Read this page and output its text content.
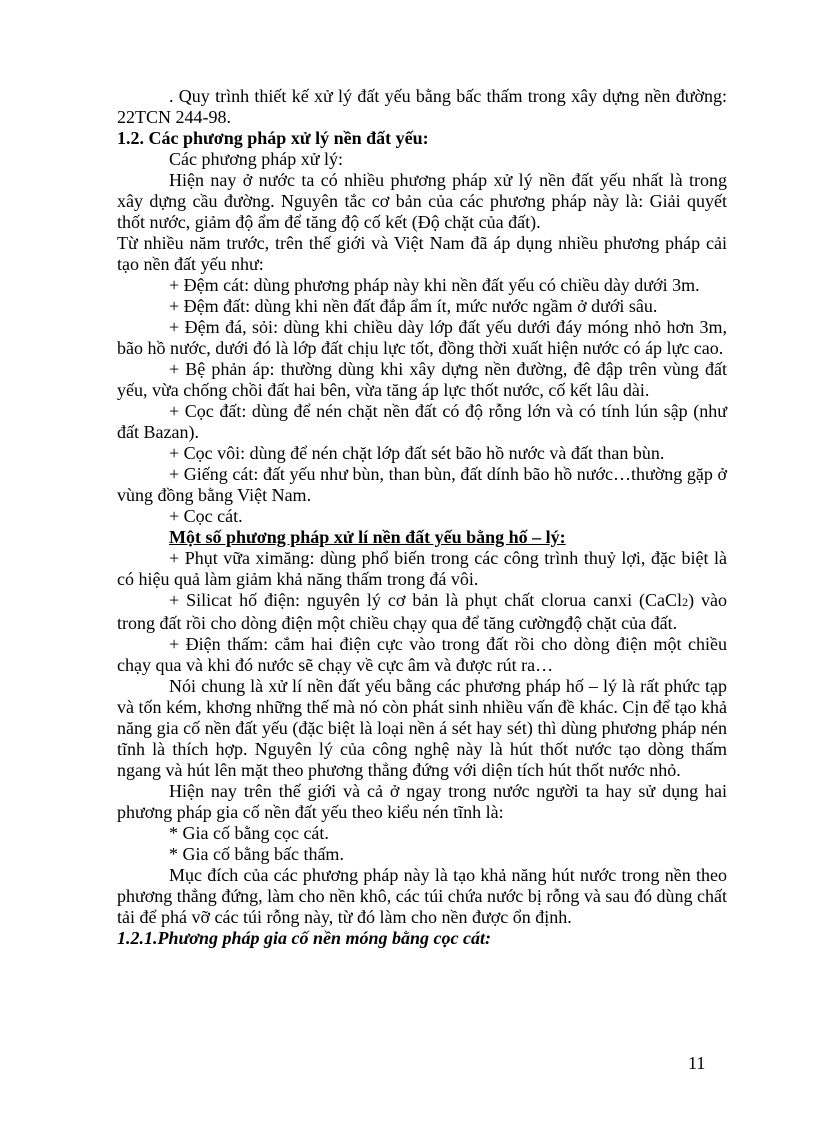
. Quy trình thiết kế xử lý đất yếu bằng bấc thấm trong xây dựng nền đường: 22TCN 244-98.

1.2. Các phương pháp xử lý nền đất yếu:

Các phương pháp xử lý:

Hiện nay ở nước ta có nhiều phương pháp xử lý nền đất yếu nhất là trong xây dựng cầu đường. Nguyên tắc cơ bản của các phương pháp này là: Giải quyết thốt nước, giảm độ ẩm để tăng độ cố kết (Độ chặt của đất).

Từ nhiều năm trước, trên thế giới và Việt Nam đã áp dụng nhiều phương pháp cải tạo nền đất yếu như:

+ Đệm cát: dùng phương pháp này khi nền đất yếu có chiều dày dưới 3m.

+ Đệm đất: dùng khi nền đất đắp ẩm ít, mức nước ngầm ở dưới sâu.

+ Đệm đá, sỏi: dùng khi chiều dày lớp đất yếu dưới đáy móng nhỏ hơn 3m, bão hồ nước, dưới đó là lớp đất chịu lực tốt, đồng thời xuất hiện nước có áp lực cao.

+ Bệ phản áp: thường dùng khi xây dựng nền đường, đê đập trên vùng đất yếu, vừa chống chồi đất hai bên, vừa tăng áp lực thốt nước, cố kết lâu dài.

+ Cọc đất: dùng để nén chặt nền đất có độ rỗng lớn và có tính lún sập (như đất Bazan).

+ Cọc vôi: dùng để nén chặt lớp đất sét bão hồ nước và đất than bùn.

+ Giếng cát: đất yếu như bùn, than bùn, đất dính bão hồ nước…thường gặp ở vùng đồng bằng Việt Nam.

+ Cọc cát.

Một số phương pháp xử lí nền đất yếu bằng hố – lý:

+ Phụt vữa ximăng: dùng phổ biến trong các công trình thuỷ lợi, đặc biệt là có hiệu quả làm giảm khả năng thấm trong đá vôi.

+ Silicat hố điện: nguyên lý cơ bản là phụt chất clorua canxi (CaCl2) vào trong đất rồi cho dòng điện một chiều chạy qua để tăng cườngđộ chặt của đất.

+ Điện thấm: cắm hai điện cực vào trong đất rồi cho dòng điện một chiều chạy qua và khi đó nước sẽ chạy về cực âm và được rút ra…

Nói chung là xử lí nền đất yếu bằng các phương pháp hố – lý là rất phức tạp và tốn kém, khơng những thế mà nó còn phát sinh nhiều vấn đề khác. Cịn để tạo khả năng gia cố nền đất yếu (đặc biệt là loại nền á sét hay sét) thì dùng phương pháp nén tĩnh là thích hợp. Nguyên lý của công nghệ này là hút thốt nước tạo dòng thấm ngang và hút lên mặt theo phương thẳng đứng với diện tích hút thốt nước nhỏ.

Hiện nay trên thế giới và cả ở ngay trong nước người ta hay sử dụng hai phương pháp gia cố nền đất yếu theo kiểu nén tĩnh là:

* Gia cố bằng cọc cát.

* Gia cố bằng bấc thấm.

Mục đích của các phương pháp này là tạo khả năng hút nước trong nền theo phương thẳng đứng, làm cho nền khô, các túi chứa nước bị rỗng và sau đó dùng chất tải để phá vỡ các túi rỗng này, từ đó làm cho nền được ổn định.

1.2.1.Phương pháp gia cố nền móng bằng cọc cát:

11
